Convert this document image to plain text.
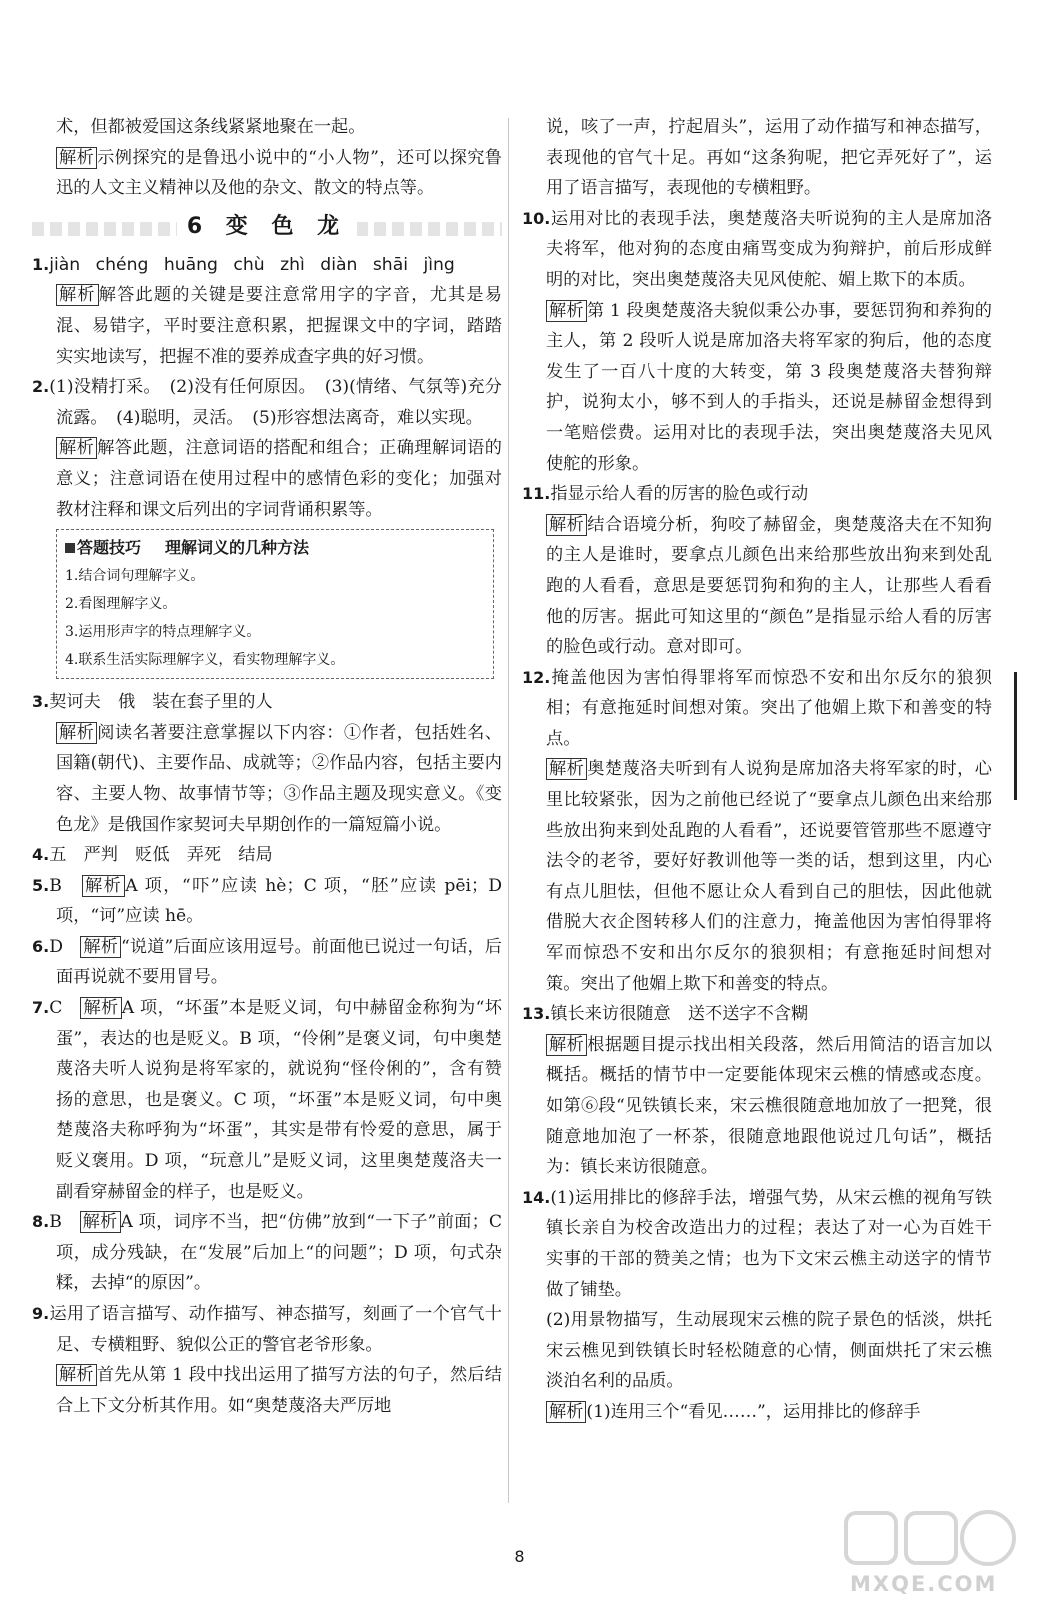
术，但都被爱国这条线紧紧地聚在一起。

解析 示例探究的是鲁迅小说中的“小人物”，还可以探究鲁迅的人文主义精神以及他的杂文、散文的特点等。

6 变 色 龙

1.jiàn chéng huāng chù zhì diàn shāi jìng

解析 解答此题的关键是要注意常用字的字音，尤其是易混、易错字，平时要注意积累，把握课文中的字词，踏踏实实地读写，把握不准的要养成查字典的好习惯。

2.(1)没精打采。　(2)没有任何原因。　(3)(情绪、气氛等)充分流露。　(4)聪明，灵活。　(5)形容想法离奇，难以实现。

解析 解答此题，注意词语的搭配和组合；正确理解词语的意义；注意词语在使用过程中的感情色彩的变化；加强对教材注释和课文后列出的字词背诵积累等。

答题技巧 理解词义的几种方法

1.结合词句理解字义。

2.看图理解字义。

3.运用形声字的特点理解字义。

4.联系生活实际理解字义，看实物理解字义。

3.契诃夫　俄　装在套子里的人

解析 阅读名著要注意掌握以下内容：①作者，包括姓名、国籍(朝代)、主要作品、成就等；②作品内容，包括主要内容、主要人物、故事情节等；③作品主题及现实意义。《变色龙》是俄国作家契诃夫早期创作的一篇短篇小说。

4.五　严判　贬低　弄死　结局

5.B　 解析 A 项，“吓”应读 hè；C 项，“胚”应读 pēi；D 项，“诃”应读 hē。

6.D　 解析 “说道”后面应该用逗号。前面他已说过一句话，后面再说就不要用冒号。

7.C　 解析 A 项，“坏蛋”本是贬义词，句中赫留金称狗为“坏蛋”，表达的也是贬义。B 项，“伶俐”是褒义词，句中奥楚蔑洛夫听人说狗是将军家的，就说狗“怪伶俐的”，含有赞扬的意思，也是褒义。C 项，“坏蛋”本是贬义词，句中奥楚蔑洛夫称呼狗为“坏蛋”，其实是带有怜爱的意思，属于贬义褒用。D 项，“玩意儿”是贬义词，这里奥楚蔑洛夫一副看穿赫留金的样子，也是贬义。

8.B　 解析 A 项，词序不当，把“仿佛”放到“一下子”前面；C 项，成分残缺，在“发展”后加上“的问题”；D 项，句式杂糅，去掉“的原因”。

9.运用了语言描写、动作描写、神态描写，刻画了一个官气十足、专横粗野、貌似公正的警官老爷形象。

解析 首先从第 1 段中找出运用了描写方法的句子，然后结合上下文分析其作用。如“奥楚蔑洛夫严厉地

说，咳了一声，拧起眉头”，运用了动作描写和神态描写，表现他的官气十足。再如“这条狗呢，把它弄死好了”，运用了语言描写，表现他的专横粗野。

10.运用对比的表现手法，奥楚蔑洛夫听说狗的主人是席加洛夫将军，他对狗的态度由痛骂变成为狗辩护，前后形成鲜明的对比，突出奥楚蔑洛夫见风使舵、媚上欺下的本质。

解析 第 1 段奥楚蔑洛夫貌似秉公办事，要惩罚狗和养狗的主人，第 2 段听人说是席加洛夫将军家的狗后，他的态度发生了一百八十度的大转变，第 3 段奥楚蔑洛夫替狗辩护，说狗太小，够不到人的手指头，还说是赫留金想得到一笔赔偿费。运用对比的表现手法，突出奥楚蔑洛夫见风使舵的形象。

11.指显示给人看的厉害的脸色或行动

解析 结合语境分析，狗咬了赫留金，奥楚蔑洛夫在不知狗的主人是谁时，要拿点儿颜色出来给那些放出狗来到处乱跑的人看看，意思是要惩罚狗和狗的主人，让那些人看看他的厉害。据此可知这里的“颜色”是指显示给人看的厉害的脸色或行动。意对即可。

12.掩盖他因为害怕得罪将军而惊恐不安和出尔反尔的狼狈相；有意拖延时间想对策。突出了他媚上欺下和善变的特点。

解析 奥楚蔑洛夫听到有人说狗是席加洛夫将军家的时，心里比较紧张，因为之前他已经说了“要拿点儿颜色出来给那些放出狗来到处乱跑的人看看”，还说要管管那些不愿遵守法令的老爷，要好好教训他等一类的话，想到这里，内心有点儿胆怯，但他不愿让众人看到自己的胆怯，因此他就借脱大衣企图转移人们的注意力，掩盖他因为害怕得罪将军而惊恐不安和出尔反尔的狼狈相；有意拖延时间想对策。突出了他媚上欺下和善变的特点。

13.镇长来访很随意　送不送字不含糊

解析 根据题目提示找出相关段落，然后用简洁的语言加以概括。概括的情节中一定要能体现宋云樵的情感或态度。如第⑥段“见铁镇长来，宋云樵很随意地加放了一把凳，很随意地加泡了一杯茶，很随意地跟他说过几句话”，概括为：镇长来访很随意。

14.(1)运用排比的修辞手法，增强气势，从宋云樵的视角写铁镇长亲自为校舍改造出力的过程；表达了对一心为百姓干实事的干部的赞美之情；也为下文宋云樵主动送字的情节做了铺垫。

(2)用景物描写，生动展现宋云樵的院子景色的恬淡，烘托宋云樵见到铁镇长时轻松随意的心情，侧面烘托了宋云樵淡泊名利的品质。

解析 (1)连用三个“看见……”，运用排比的修辞手

8
MXQE.COM
